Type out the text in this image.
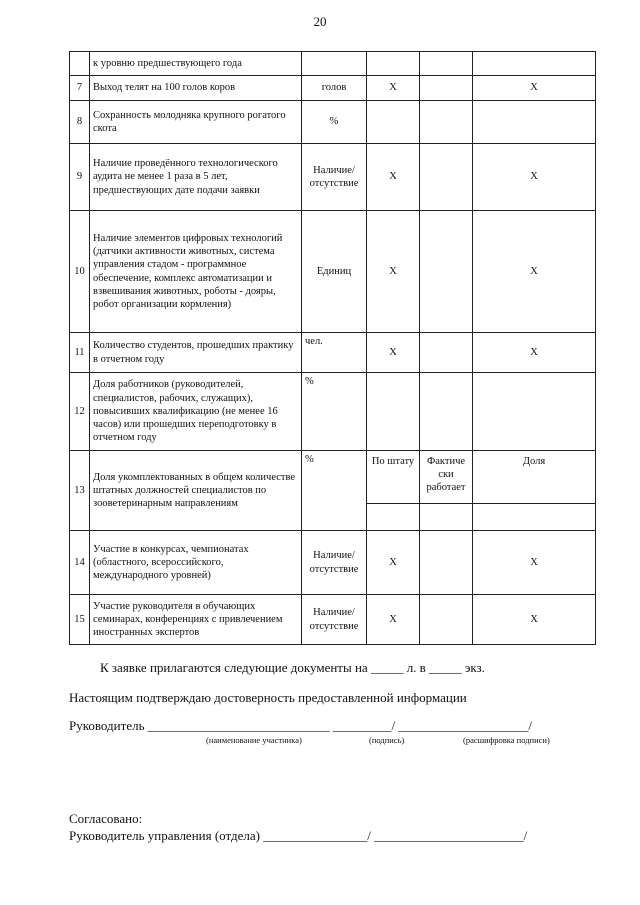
20
	к уровню предшествующего года				
7	Выход телят на 100 голов коров	голов	Х		Х
8	Сохранность молодняка крупного рогатого скота	%			
9	Наличие проведённого технологического аудита не менее 1 раза в 5 лет, предшествующих дате подачи заявки	Наличие/ отсутствие	Х		Х
10	Наличие элементов цифровых технологий (датчики активности животных, система управления стадом - программное обеспечение, комплекс автоматизации и взвешивания животных, роботы - дояры, робот организации кормления)	Единиц	Х		Х
11	Количество студентов, прошедших практику в отчетном году	чел.	Х		Х
12	Доля работников (руководителей, специалистов, рабочих, служащих), повысивших квалификацию (не менее 16 часов) или прошедших переподготовку в отчетном году	%			
13	Доля укомплектованных в общем количестве штатных должностей специалистов по зооветеринарным направлениям	%	По штату	Фактиче ски работает	Доля

14	Участие в конкурсах, чемпионатах (областного, всероссийского, международного уровней)	Наличие/ отсутствие	Х		Х
15	Участие руководителя в обучающих семинарах, конференциях с привлечением иностранных экспертов	Наличие/ отсутствие	Х		Х
К заявке прилагаются следующие документы на _____ л. в _____ экз.
Настоящим подтверждаю достоверность предоставленной информации
Руководитель ____________________________ _________/ ____________________/
(наименование участника)	(подпись)	(расшифровка подписи)
Согласовано:
Руководитель управления (отдела) ________________/ _______________________/
